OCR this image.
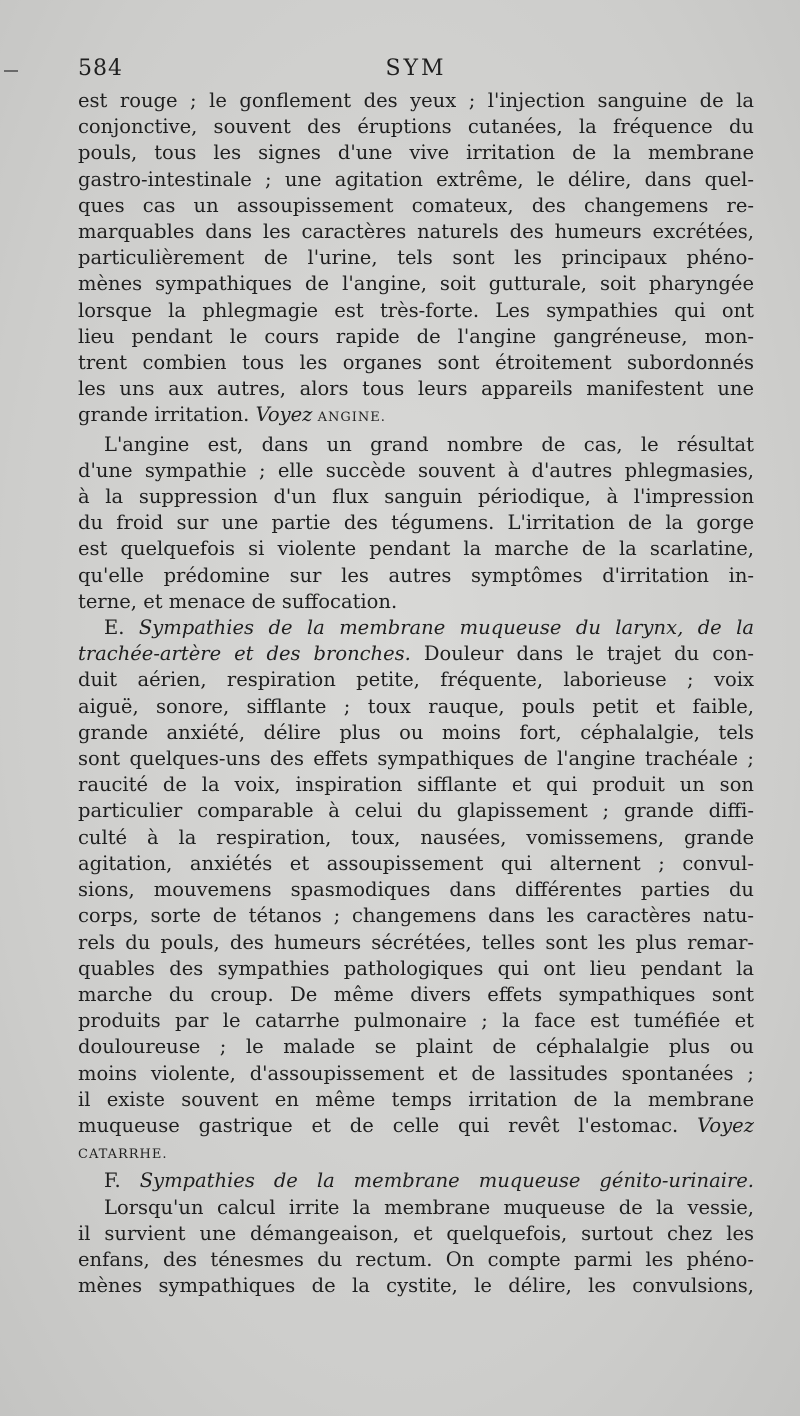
584	SYM
est rouge ; le gonflement des yeux ; l'injection sanguine de la
conjonctive, souvent des éruptions cutanées, la fréquence du
pouls, tous les signes d'une vive irritation de la membrane
gastro-intestinale ; une agitation extrême, le délire, dans quel-
ques cas un assoupissement comateux, des changemens re-
marquables dans les caractères naturels des humeurs excrétées,
particulièrement de l'urine, tels sont les principaux phéno-
mènes sympathiques de l'angine, soit gutturale, soit pharyngée
lorsque la phlegmagie est très-forte. Les sympathies qui ont
lieu pendant le cours rapide de l'angine gangréneuse, mon-
trent combien tous les organes sont étroitement subordonnés
les uns aux autres, alors tous leurs appareils manifestent une
grande irritation. Voyez ANGINE.
L'angine est, dans un grand nombre de cas, le résultat
d'une sympathie ; elle succède souvent à d'autres phlegmasies,
à la suppression d'un flux sanguin périodique, à l'impression
du froid sur une partie des tégumens. L'irritation de la gorge
est quelquefois si violente pendant la marche de la scarlatine,
qu'elle prédomine sur les autres symptômes d'irritation in-
terne, et menace de suffocation.
E. Sympathies de la membrane muqueuse du larynx, de la
trachée-artère et des bronches. Douleur dans le trajet du con-
duit aérien, respiration petite, fréquente, laborieuse ; voix
aiguë, sonore, sifflante ; toux rauque, pouls petit et faible,
grande anxiété, délire plus ou moins fort, céphalalgie, tels
sont quelques-uns des effets sympathiques de l'angine trachéale ;
raucité de la voix, inspiration sifflante et qui produit un son
particulier comparable à celui du glapissement ; grande diffi-
culté à la respiration, toux, nausées, vomissemens, grande
agitation, anxiétés et assoupissement qui alternent ; convul-
sions, mouvemens spasmodiques dans différentes parties du
corps, sorte de tétanos ; changemens dans les caractères natu-
rels du pouls, des humeurs sécrétées, telles sont les plus remar-
quables des sympathies pathologiques qui ont lieu pendant la
marche du croup. De même divers effets sympathiques sont
produits par le catarrhe pulmonaire ; la face est tuméfiée et
douloureuse ; le malade se plaint de céphalalgie plus ou
moins violente, d'assoupissement et de lassitudes spontanées ;
il existe souvent en même temps irritation de la membrane
muqueuse gastrique et de celle qui revêt l'estomac. Voyez
CATARRHE.
F. Sympathies de la membrane muqueuse génito-urinaire.
Lorsqu'un calcul irrite la membrane muqueuse de la vessie,
il survient une démangeaison, et quelquefois, surtout chez les
enfans, des ténesmes du rectum. On compte parmi les phéno-
mènes sympathiques de la cystite, le délire, les convulsions,
